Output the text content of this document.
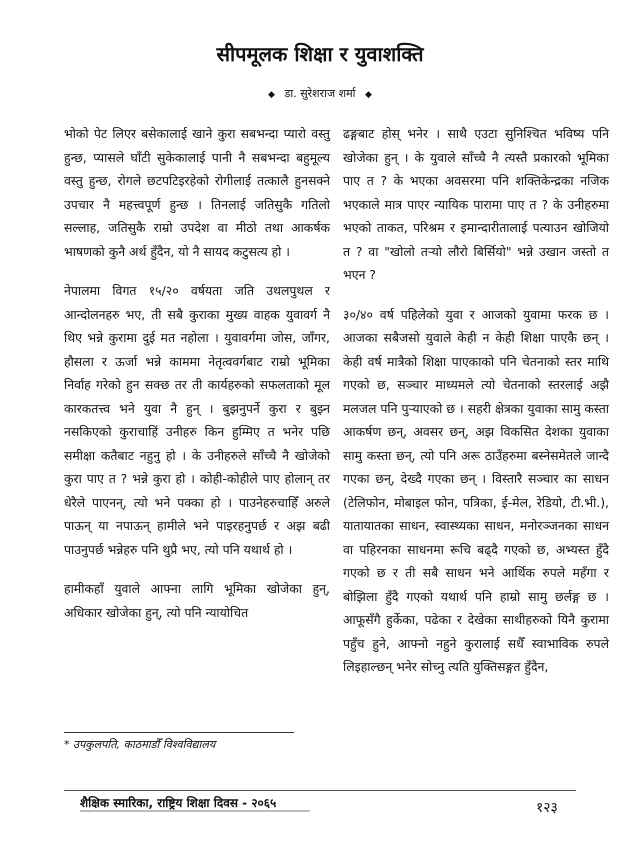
सीपमूलक शिक्षा र युवाशक्ति
◆ डा. सुरेशराज शर्मा ◆

भोको पेट लिएर बसेकालाई खाने कुरा सबभन्दा प्यारो वस्तु हुन्छ, प्यासले घाँटी सुकेकालाई पानी नै सबभन्दा बहुमूल्य वस्तु हुन्छ, रोगले छटपटिइरहेको रोगीलाई तत्कालै हुनसक्ने उपचार नै महत्त्वपूर्ण हुन्छ । तिनलाई जतिसुकै गतिलो सल्लाह, जतिसुकै राम्रो उपदेश वा मीठो तथा आकर्षक भाषणको कुनै अर्थ हुँदैन, यो नै सायद कटुसत्य हो ।

नेपालमा विगत १५/२० वर्षयता जति उथलपुथल र आन्दोलनहरु भए, ती सबै कुराका मुख्य वाहक युवावर्ग नै थिए भन्ने कुरामा दुई मत नहोला । युवावर्गमा जोस, जाँगर, हौसला र ऊर्जा भन्ने काममा नेतृत्ववर्गबाट राम्रो भूमिका निर्वाह गरेको हुन सक्छ तर ती कार्यहरुको सफलताको मूल कारकतत्त्व भने युवा नै हुन् । बुझनुपर्ने कुरा र बुझ्न नसकिएको कुराचाहिं उनीहरु किन हुम्मिए त भनेर पछि समीक्षा कतैबाट नहुनु हो । के उनीहरुले साँच्चै नै खोजेको कुरा पाए त ? भन्ने कुरा हो । कोही-कोहीले पाए होलान् तर धेरैले पाएनन्, त्यो भने पक्का हो । पाउनेहरुचाहिँ अरुले पाऊन् या नपाऊन् हामीले भने पाइरहनुपर्छ र अझ बढी पाउनुपर्छ भन्नेहरु पनि थुप्रै भए, त्यो पनि यथार्थ हो ।

हामीकहाँ युवाले आफ्ना लागि भूमिका खोजेका हुन्, अधिकार खोजेका हुन्, त्यो पनि न्यायोचित

ढङ्गबाट होस् भनेर । साथै एउटा सुनिश्चित भविष्य पनि खोजेका हुन् । के युवाले साँच्चै नै त्यस्तै प्रकारको भूमिका पाए त ? के भएका अवसरमा पनि शक्तिकेन्द्रका नजिक भएकाले मात्र पाएर न्यायिक पारामा पाए त ? के उनीहरुमा भएको ताकत, परिश्रम र इमान्दारीतालाई पत्याउन खोजियो त ? वा "खोलो तऱ्यो लौरो बिर्सियो" भन्ने उखान जस्तो त भएन ?

३०/४० वर्ष पहिलेको युवा र आजको युवामा फरक छ । आजका सबैजसो युवाले केही न केही शिक्षा पाएकै छन् । केही वर्ष मात्रैको शिक्षा पाएकाको पनि चेतनाको स्तर माथि गएको छ, सञ्चार माध्यमले त्यो चेतनाको स्तरलाई अझै मलजल पनि पुऱ्याएको छ । सहरी क्षेत्रका युवाका सामु कस्ता आकर्षण छन्, अवसर छन्, अझ विकसित देशका युवाका सामु कस्ता छन्, त्यो पनि अरू ठाउँहरुमा बस्नेसमेतले जान्दै गएका छन्, देख्दै गएका छन् । विस्तारै सञ्चार का साधन (टेलिफोन, मोबाइल फोन, पत्रिका, ई-मेल, रेडियो, टी.भी.), यातायातका साधन, स्वास्थ्यका साधन, मनोरञ्जनका साधन वा पहिरनका साधनमा रूचि बढ्दै गएको छ, अभ्यस्त हुँदै गएको छ र ती सबै साधन भने आर्थिक रुपले महँगा र बोझिला हुँदै गएको यथार्थ पनि हाम्रो सामु छर्लङ्ग छ । आफूसँगै हुर्केका, पढेका र देखेका साथीहरुको यिनै कुरामा पहुँच हुने, आफ्नो नहुने कुरालाई सधैँ स्वाभाविक रुपले लिइहाल्छन् भनेर सोच्नु त्यति युक्तिसङ्गत हुँदैन,

* उपकुलपति, काठमाडौँ विश्वविद्यालय
शैक्षिक स्मारिका, राष्ट्रिय शिक्षा दिवस - २०६५	१२३
